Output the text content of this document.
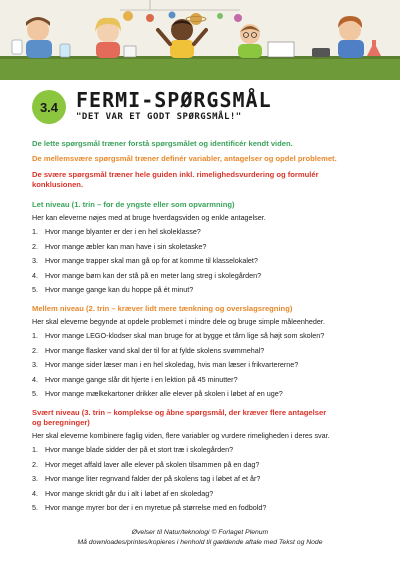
3.4 FERMI-SPØRGSMÅL
"DET VAR ET GODT SPØRGSMÅL!"
De lette spørgsmål træner forstå spørgsmålet og identificér kendt viden.
De mellemsvære spørgsmål træner definér variabler, antagelser og opdel problemet.
De svære spørgsmål træner hele guiden inkl. rimelighedsvurdering og formulér
konklusionen.
Let niveau (1. trin – for de yngste eller som opvarmning)
Her kan eleverne nøjes med at bruge hverdagsviden og enkle antagelser.
1. Hvor mange blyanter er der i en hel skoleklasse?
2. Hvor mange æbler kan man have i sin skoletaske?
3. Hvor mange trapper skal man gå op for at komme til klasselokalet?
4. Hvor mange børn kan der stå på en meter lang streg i skolegården?
5. Hvor mange gange kan du hoppe på ét minut?
Mellem niveau (2. trin – kræver lidt mere tænkning og overslagsregning)
Her skal eleverne begynde at opdele problemet i mindre dele og bruge simple måleenheder.
1. Hvor mange LEGO-klodser skal man bruge for at bygge et tårn lige så højt som skolen?
2. Hvor mange flasker vand skal der til for at fylde skolens svømmehal?
3. Hvor mange sider læser man i en hel skoledag, hvis man læser i frikvartererne?
4. Hvor mange gange slår dit hjerte i en lektion på 45 minutter?
5. Hvor mange mælkekartoner drikker alle elever på skolen i løbet af en uge?
Svært niveau (3. trin – komplekse og åbne spørgsmål, der kræver flere antagelser
og beregninger)
Her skal eleverne kombinere faglig viden, flere variabler og vurdere rimeligheden i deres svar.
1. Hvor mange blade sidder der på et stort træ i skolegården?
2. Hvor meget affald laver alle elever på skolen tilsammen på en dag?
3. Hvor mange liter regnvand falder der på skolens tag i løbet af et år?
4. Hvor mange skridt går du i alt i løbet af en skoledag?
5. Hvor mange myrer bor der i en myretue på størrelse med en fodbold?
Øvelser til Natur/teknologi © Forlaget Plenum
Må downloades/printes/kopieres i henhold til gældende aftale med Tekst og Node
